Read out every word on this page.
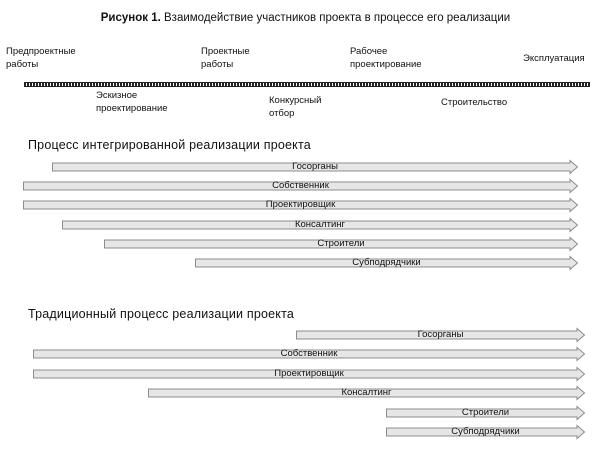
Рисунок 1. Взаимодействие участников проекта в процессе его реализации
Предпроектные
работы
Проектные
работы
Рабочее
проектирование
Эксплуатация
Эскизное
проектирование
Конкурсный
отбор
Строительство
Процесс интегрированной реализации проекта
Госорганы
Собственник
Проектировщик
Консалтинг
Строители
Субподрядчики
Традиционный процесс реализации проекта
Госорганы
Собственник
Проектировщик
Консалтинг
Строители
Субподрядчики
